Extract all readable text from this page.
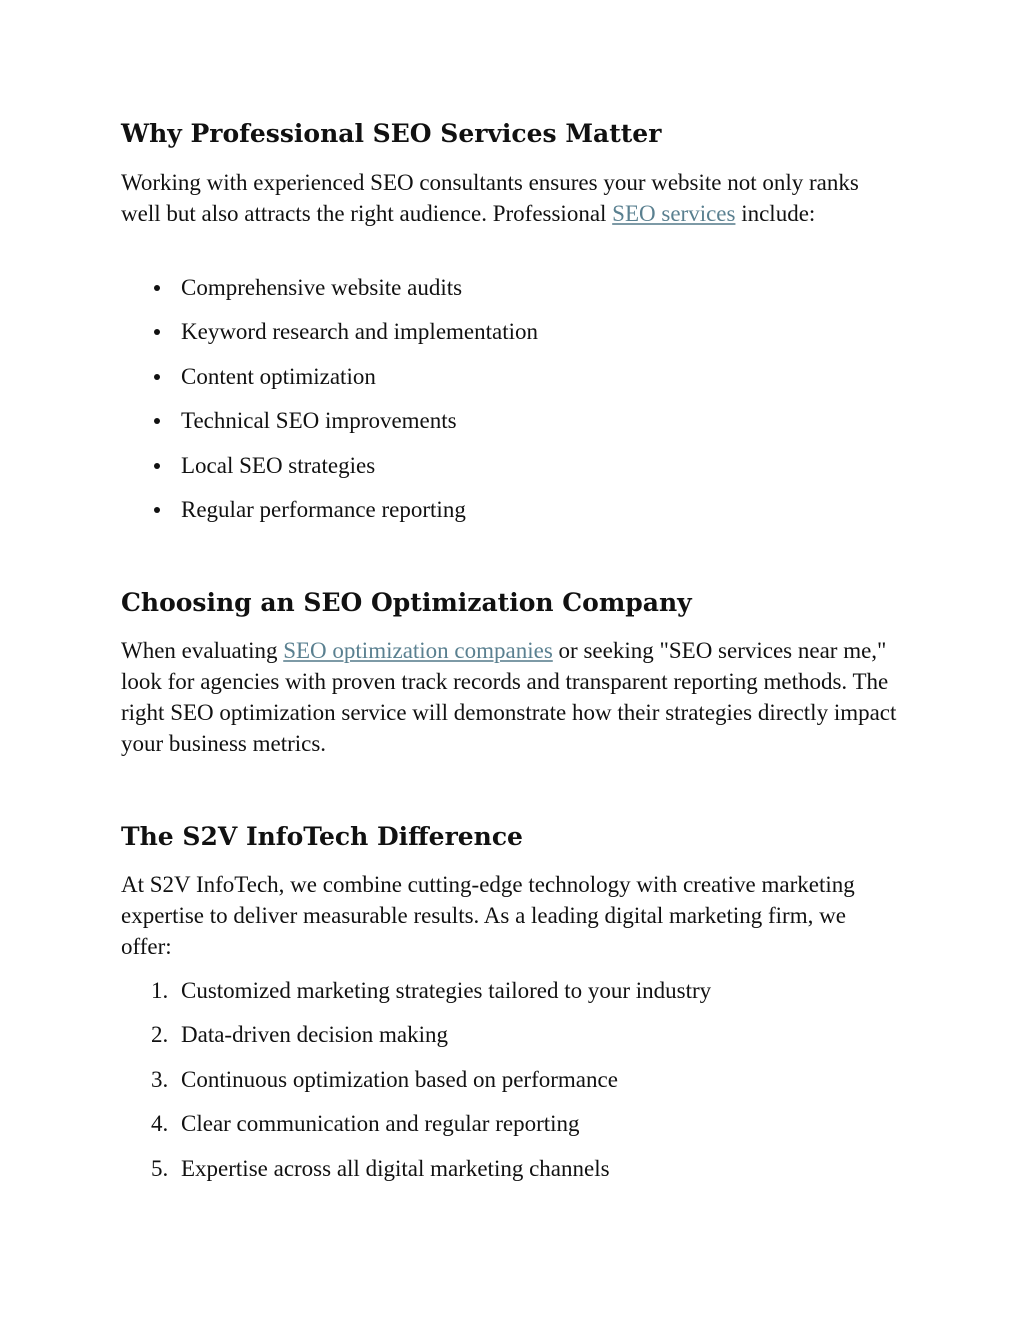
Why Professional SEO Services Matter

Working with experienced SEO consultants ensures your website not only ranks well but also attracts the right audience. Professional SEO services include:

Comprehensive website audits
Keyword research and implementation
Content optimization
Technical SEO improvements
Local SEO strategies
Regular performance reporting
Choosing an SEO Optimization Company

When evaluating SEO optimization companies or seeking "SEO services near me," look for agencies with proven track records and transparent reporting methods. The right SEO optimization service will demonstrate how their strategies directly impact your business metrics.

The S2V InfoTech Difference

At S2V InfoTech, we combine cutting-edge technology with creative marketing expertise to deliver measurable results. As a leading digital marketing firm, we offer:

1. Customized marketing strategies tailored to your industry
2. Data-driven decision making
3. Continuous optimization based on performance
4. Clear communication and regular reporting
5. Expertise across all digital marketing channels
